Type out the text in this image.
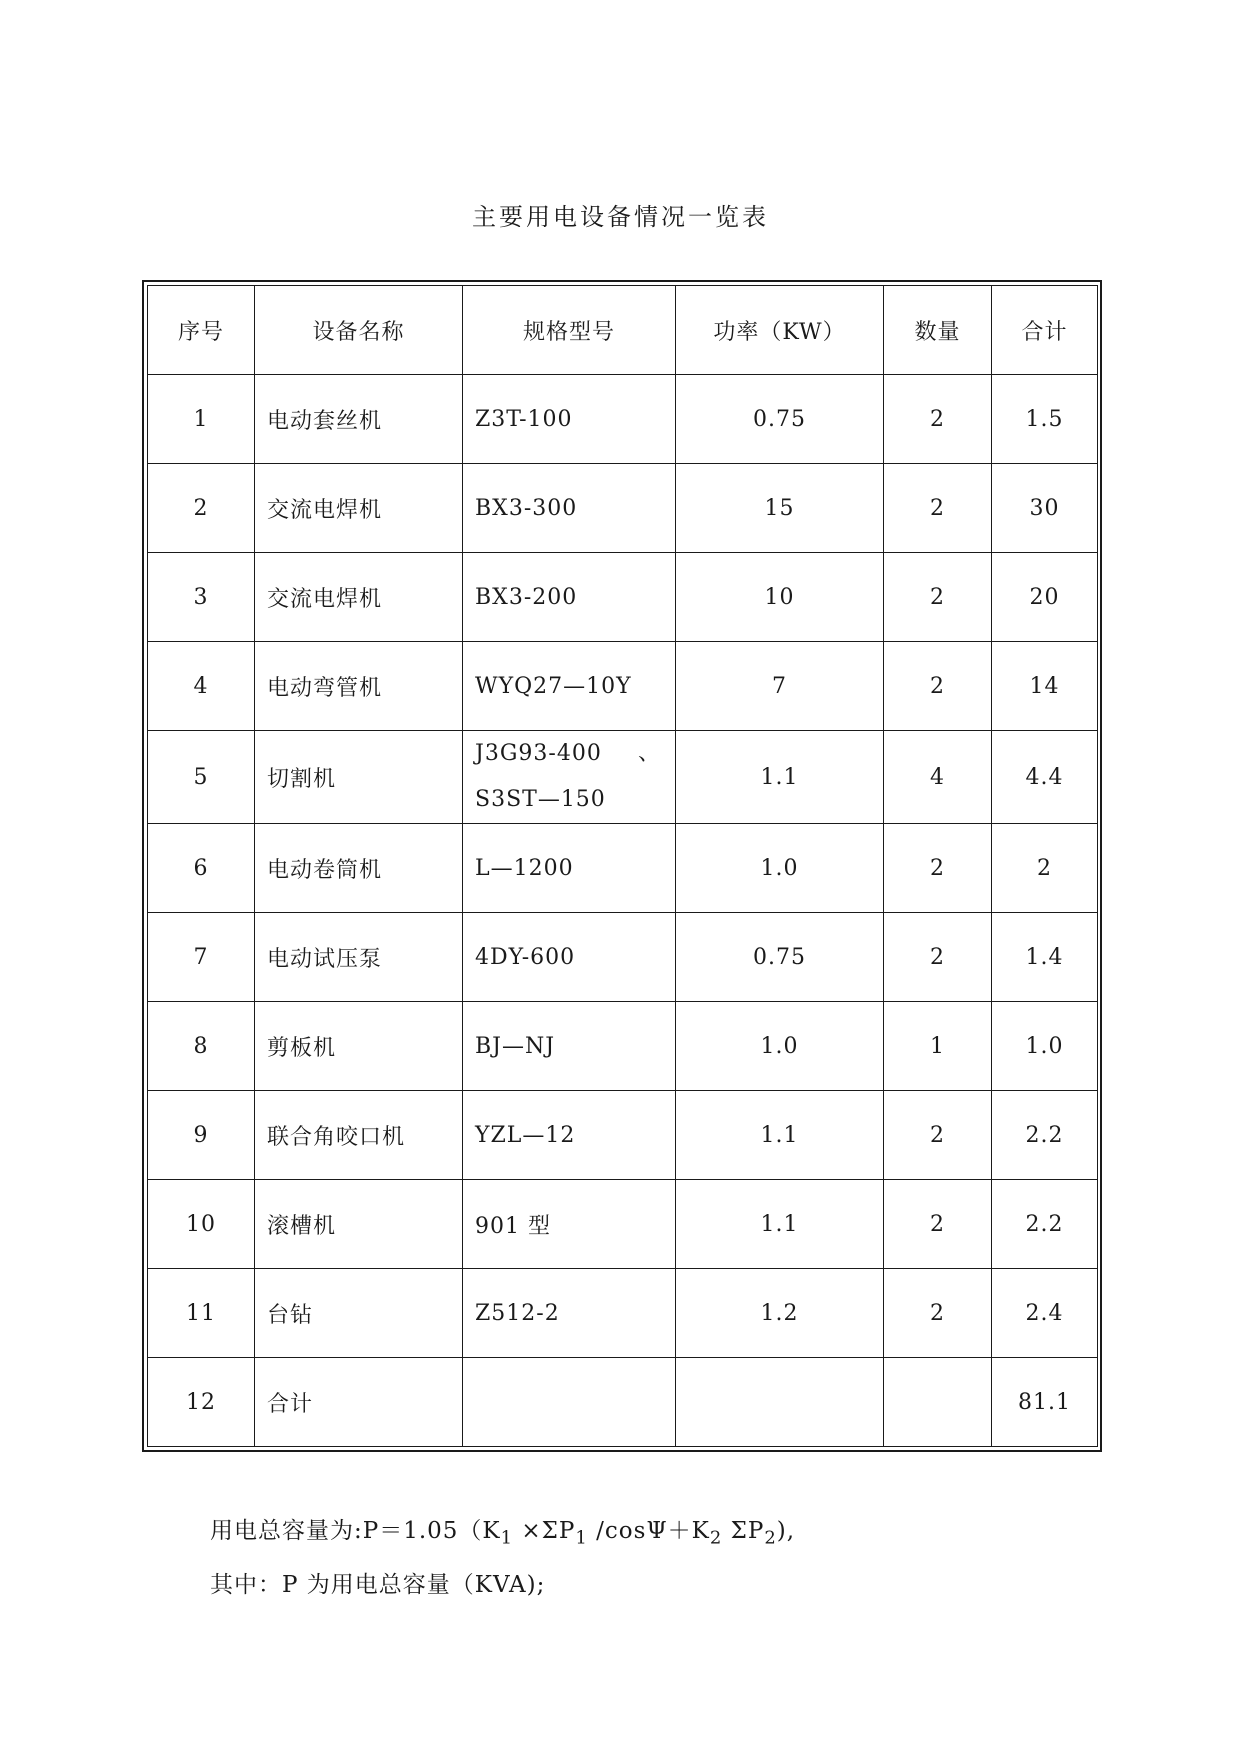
主要用电设备情况一览表
序号	设备名称	规格型号	功率（KW）	数量	合计
1	电动套丝机	Z3T-100	0.75	2	1.5
2	交流电焊机	BX3-300	15	2	30
3	交流电焊机	BX3-200	10	2	20
4	电动弯管机	WYQ27—10Y	7	2	14
5	切割机	J3G93-400 、
S3ST—150	1.1	4	4.4
6	电动卷筒机	L—1200	1.0	2	2
7	电动试压泵	4DY-600	0.75	2	1.4
8	剪板机	BJ—NJ	1.0	1	1.0
9	联合角咬口机	YZL—12	1.1	2	2.2
10	滚槽机	901 型	1.1	2	2.2
11	台钻	Z512-2	1.2	2	2.4
12	合计				81.1
用电总容量为$:P=1.05(K_1 \times\Sigma P_1$ $/\cos\Psi+K_2$ $\Sigma P_2$),
其中：P 为用电总容量（KVA);
